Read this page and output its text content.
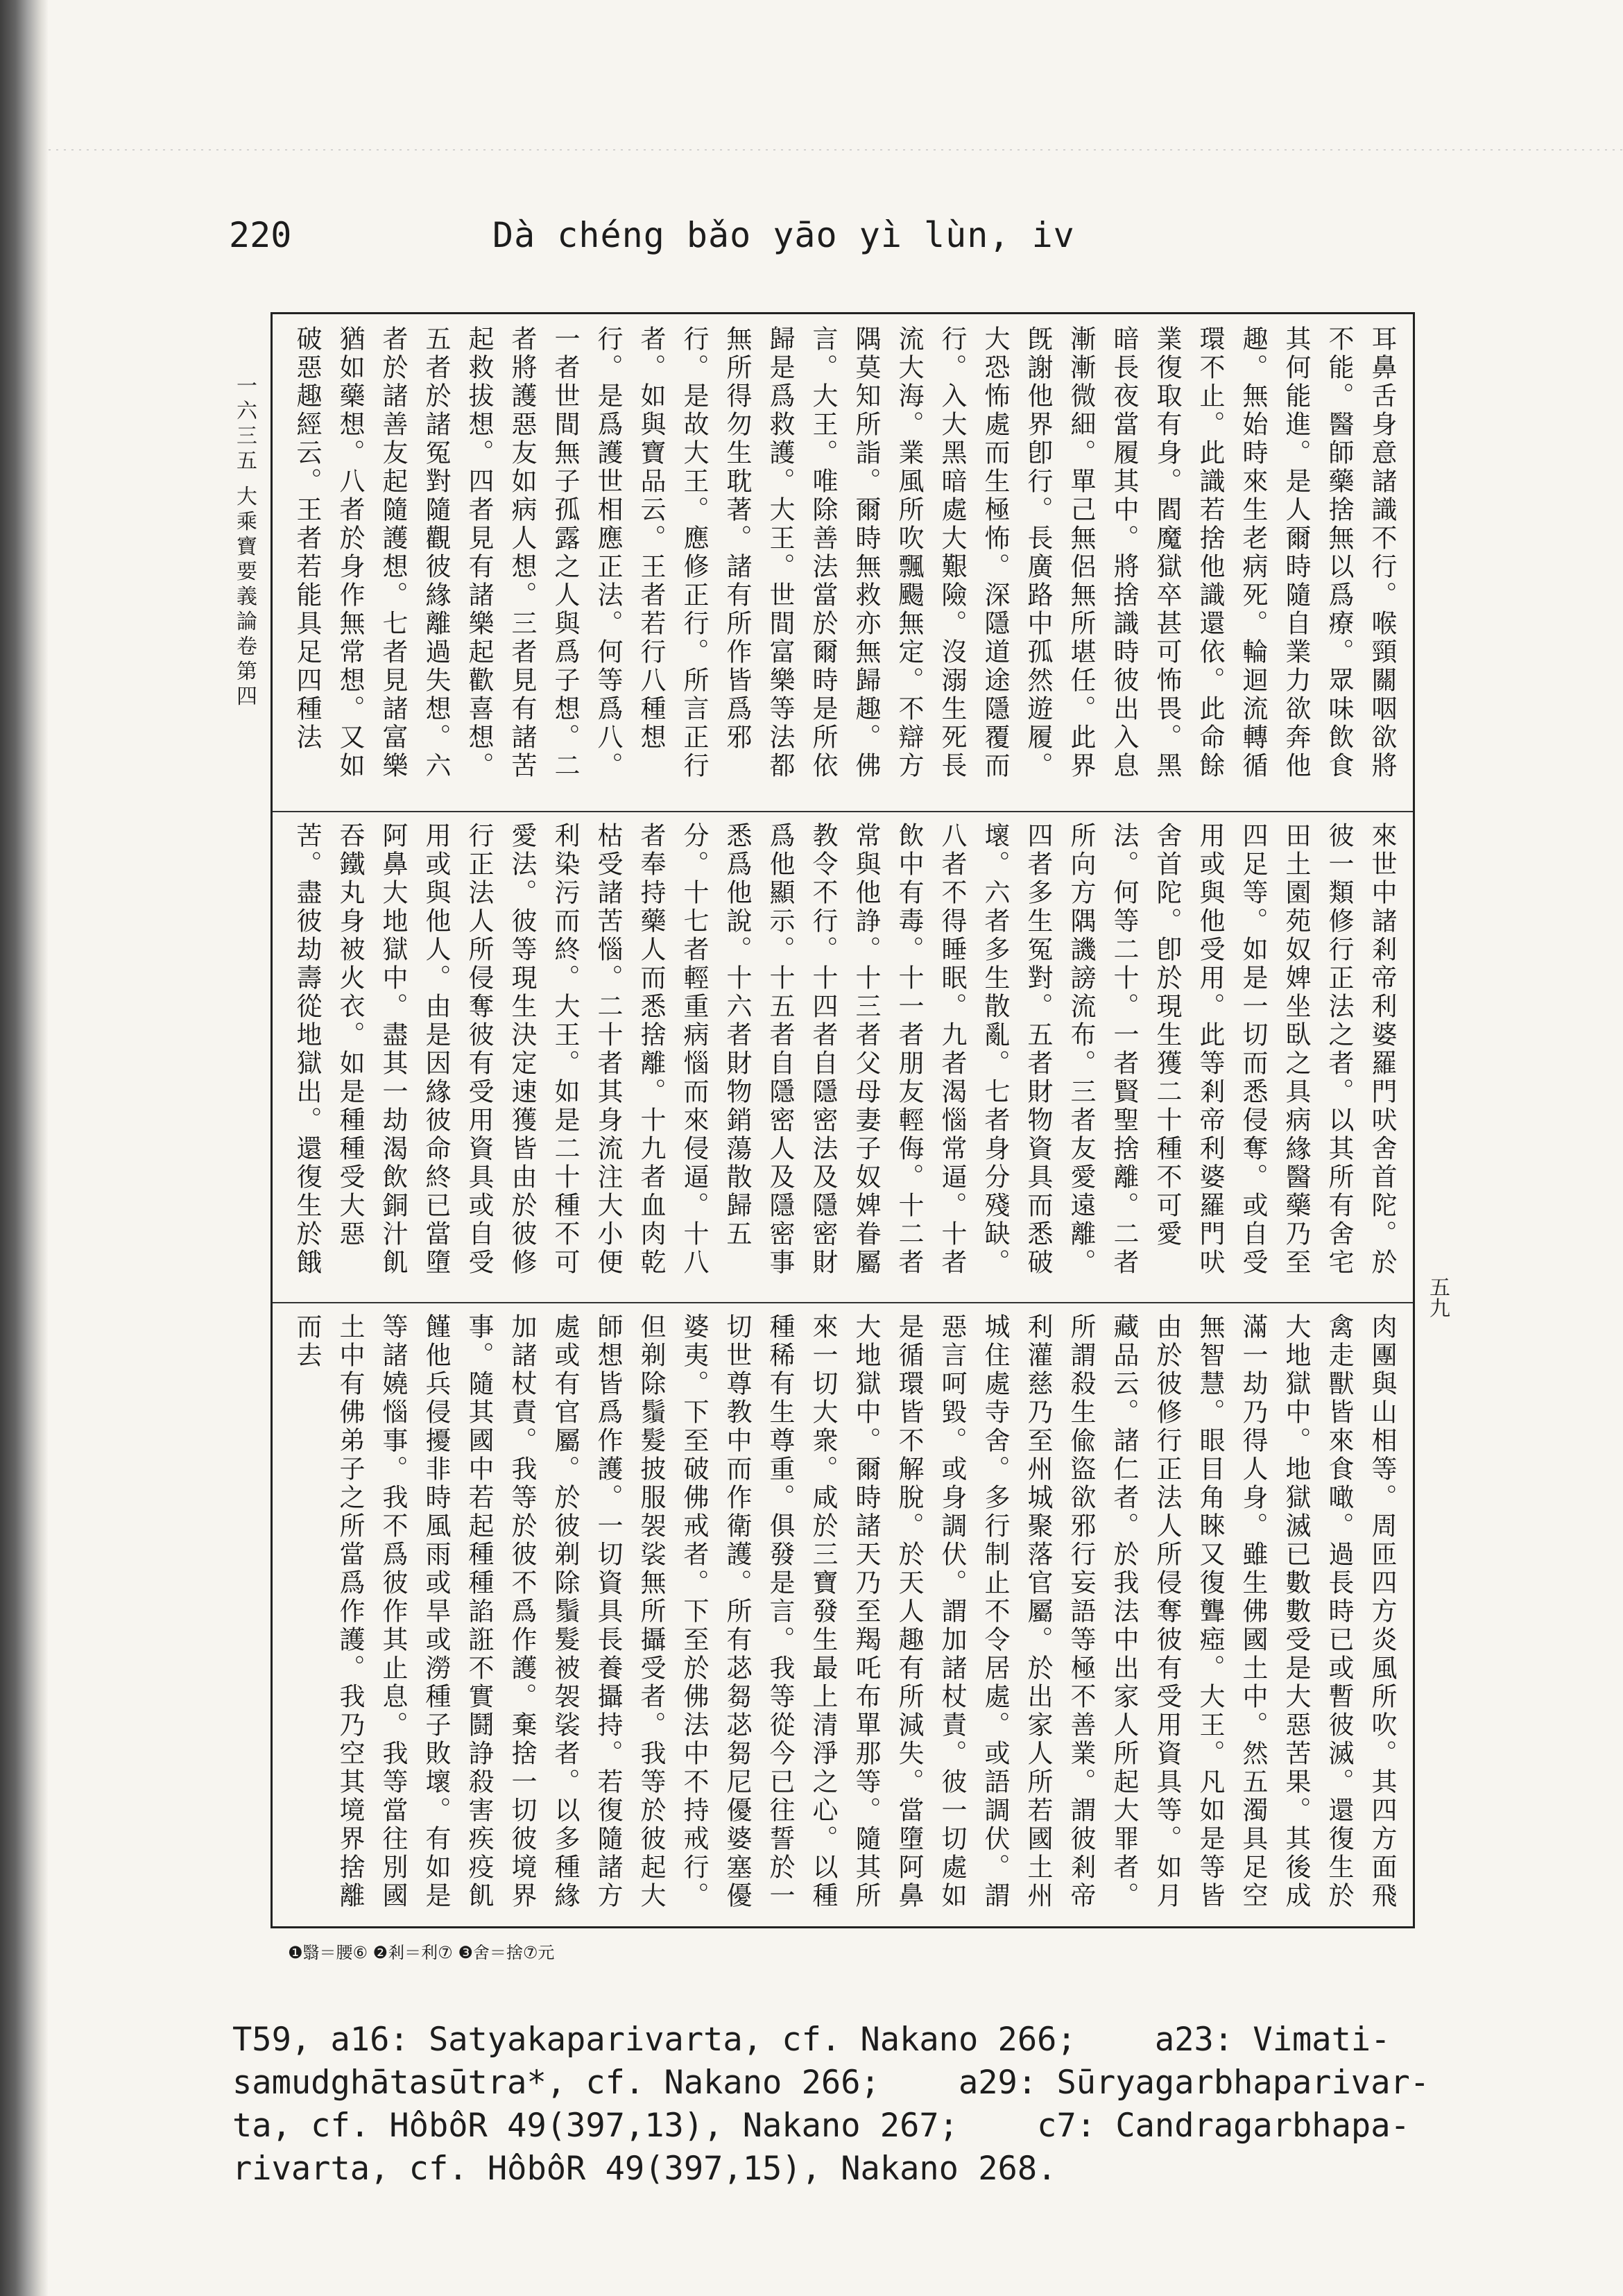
220	Dà chéng bǎo yāo yì lùn, iv
一六三五 大乘寶要義論卷第四
耳鼻舌身意諸識不行。喉頸關咽欲將不能。醫師藥捨無以爲療。眾味飲食其何能進。是人爾時隨自業力欲奔他趣。無始時來生老病死。輪迴流轉循環不止。此識若捨他識還依。此命餘業復取有身。閻魔獄卒甚可怖畏。黑暗長夜當履其中。將捨識時彼出入息漸漸微細。單己無侶無所堪任。此界旣謝他界卽行。長廣路中孤然遊履。大恐怖處而生極怖。深隱道途隱覆而行。入大黑暗處大艱險。沒溺生死長流大海。業風所吹飄颺無定。不辯方隅莫知所詣。爾時無救亦無歸趣。佛言。大王。唯除善法當於爾時是所依歸是爲救護。大王。世間富樂等法都無所得勿生耽著。諸有所作皆爲邪行。是故大王。應修正行。所言正行者。如與寶品云。王者若行八種想行。是爲護世相應正法。何等爲八。一者世間無子孤露之人與爲子想。二者將護惡友如病人想。三者見有諸苦起救拔想。四者見有諸樂起歡喜想。五者於諸冤對隨觀彼緣離過失想。六者於諸善友起隨護想。七者見諸富樂猶如藥想。八者於身作無常想。又如破惡趣經云。王者若能具足四種法
來世中諸剎帝利婆羅門吠舍首陀。於彼一類修行正法之者。以其所有舍宅田土園苑奴婢坐臥之具病緣醫藥乃至四足等。如是一切而悉侵奪。或自受用或與他受用。此等剎帝利婆羅門吠舍首陀。卽於現生獲二十種不可愛法。何等二十。一者賢聖捨離。二者所向方隅譏謗流布。三者友愛遠離。四者多生冤對。五者財物資具而悉破壞。六者多生散亂。七者身分殘缺。八者不得睡眠。九者渴惱常逼。十者飲中有毒。十一者朋友輕侮。十二者常與他諍。十三者父母妻子奴婢眷屬教令不行。十四者自隱密法及隱密財爲他顯示。十五者自隱密人及隱密事悉爲他說。十六者財物銷蕩散歸五分。十七者輕重病惱而來侵逼。十八者奉持藥人而悉捨離。十九者血肉乾枯受諸苦惱。二十者其身流注大小便利染污而終。大王。如是二十種不可愛法。彼等現生決定速獲皆由於彼修行正法人所侵奪彼有受用資具或自受用或與他人。由是因緣彼命終已當墮阿鼻大地獄中。盡其一劫渴飲銅汁飢吞鐵丸身被火衣。如是種種受大惡苦。盡彼劫壽從地獄出。還復生於餓
肉團與山相等。周匝四方炎風所吹。其四方面飛禽走獸皆來食噉。過長時已或暫彼滅。還復生於大地獄中。地獄滅已數數受是大惡苦果。其後成滿一劫乃得人身。雖生佛國土中。然五濁具足空無智慧。眼目角睞又復聾瘂。大王。凡如是等皆由於彼修行正法人所侵奪彼有受用資具等。如月藏品云。諸仁者。於我法中出家人所起大罪者。所謂殺生偸盜欲邪行妄語等極不善業。謂彼剎帝利灌慈乃至州城聚落官屬。於出家人所若國土州城住處寺舍。多行制止不令居處。或語調伏。謂惡言呵毀。或身調伏。謂加諸杖責。彼一切處如是循環皆不解脫。於天人趣有所減失。當墮阿鼻大地獄中。爾時諸天乃至羯吒布單那等。隨其所來一切大衆。咸於三寶發生最上清淨之心。以種種稀有生尊重。俱發是言。我等從今已往誓於一切世尊教中而作衛護。所有苾芻苾芻尼優婆塞優婆夷。下至破佛戒者。下至於佛法中不持戒行。但剃除鬚髮披服袈裟無所攝受者。我等於彼起大師想皆爲作護。一切資具長養攝持。若復隨諸方處或有官屬。於彼剃除鬚髮被袈裟者。以多種緣加諸杖責。我等於彼不爲作護。棄捨一切彼境界事。隨其國中若起種種諂誑不實鬪諍殺害疾疫飢饉他兵侵擾非時風雨或旱或澇種子敗壞。有如是等諸嬈惱事。我不爲彼作其止息。我等當往別國土中有佛弟子之所當爲作護。我乃空其境界捨離而去
五九
❶翳＝腰⑥ ❷剎＝利⑦ ❸舍＝捨⑦元
T59, a16: Satyakaparivarta, cf. Nakano 266;    a23: Vimati-
samudghātasūtra*, cf. Nakano 266;    a29: Sūryagarbhaparivar-
ta, cf. HôbôR 49(397,13), Nakano 267;    c7: Candragarbhapa-
rivarta, cf. HôbôR 49(397,15), Nakano 268.
